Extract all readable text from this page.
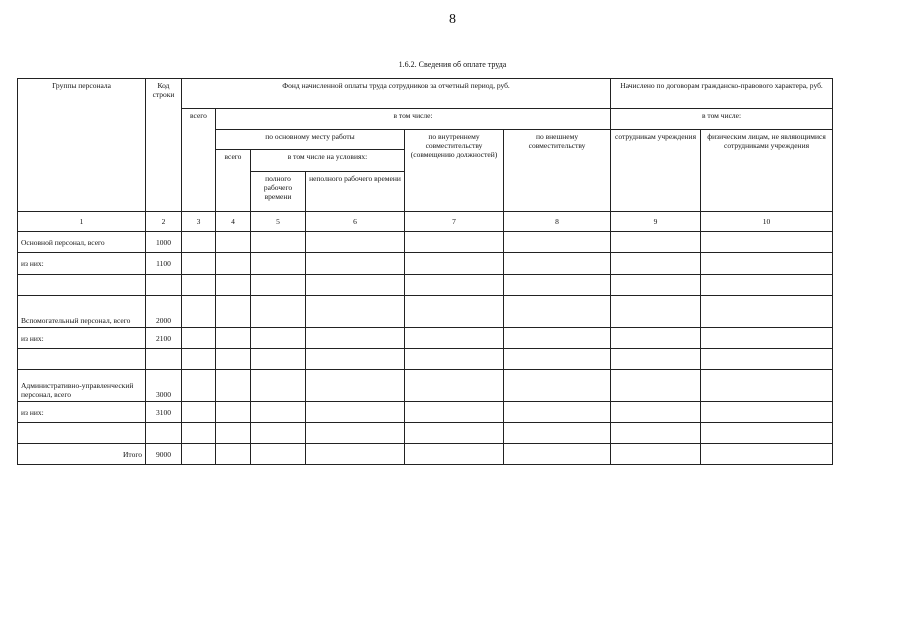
8
1.6.2. Сведения об оплате труда
Группы персонала	Код строки	Фонд начисленной оплаты труда сотрудников за отчетный период, руб.						Начислено по договорам гражданско-правового характера, руб.	
		всего	в том числе:					в том числе:	
			по основному месту работы			по внутреннему совместительству (совмещению должностей)	по внешнему совместительству	сотрудникам учреждения	физическим лицам, не являющимися сотрудниками учреждения
			всего	в том числе на условиях:					
				полного рабочего времени	неполного рабочего времени				
1	2	3	4	5	6	7	8	9	10
Основной персонал, всего	1000								
из них:	1100								

Вспомогательный персонал, всего	2000								
из них:	2100								

Административно-управленческий персонал, всего	3000								
из них:	3100								

Итого	9000								
